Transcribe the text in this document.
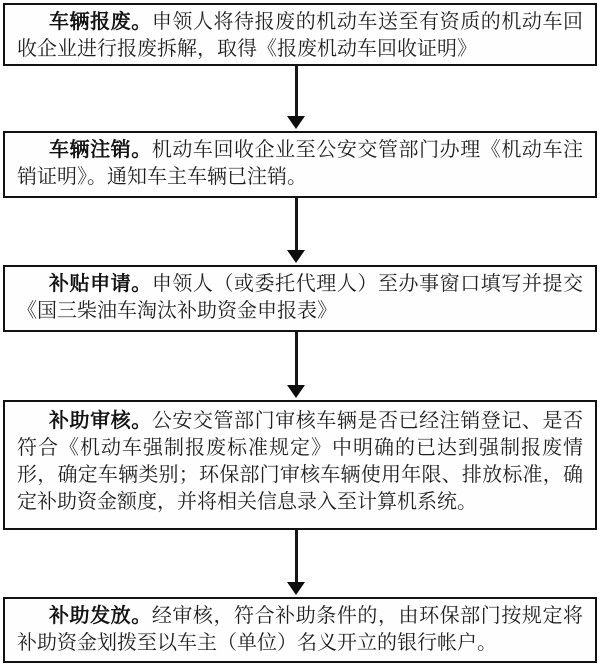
车辆报废。申领人将待报废的机动车送至有资质的机动车回收企业进行报废拆解，取得《报废机动车回收证明》

车辆注销。机动车回收企业至公安交管部门办理《机动车注销证明》。通知车主车辆已注销。

补贴申请。申领人（或委托代理人）至办事窗口填写并提交《国三柴油车淘汰补助资金申报表》

补助审核。公安交管部门审核车辆是否已经注销登记、是否符合《机动车强制报废标准规定》中明确的已达到强制报废情形，确定车辆类别；环保部门审核车辆使用年限、排放标准，确定补助资金额度，并将相关信息录入至计算机系统。

补助发放。经审核，符合补助条件的，由环保部门按规定将补助资金划拨至以车主（单位）名义开立的银行帐户。
